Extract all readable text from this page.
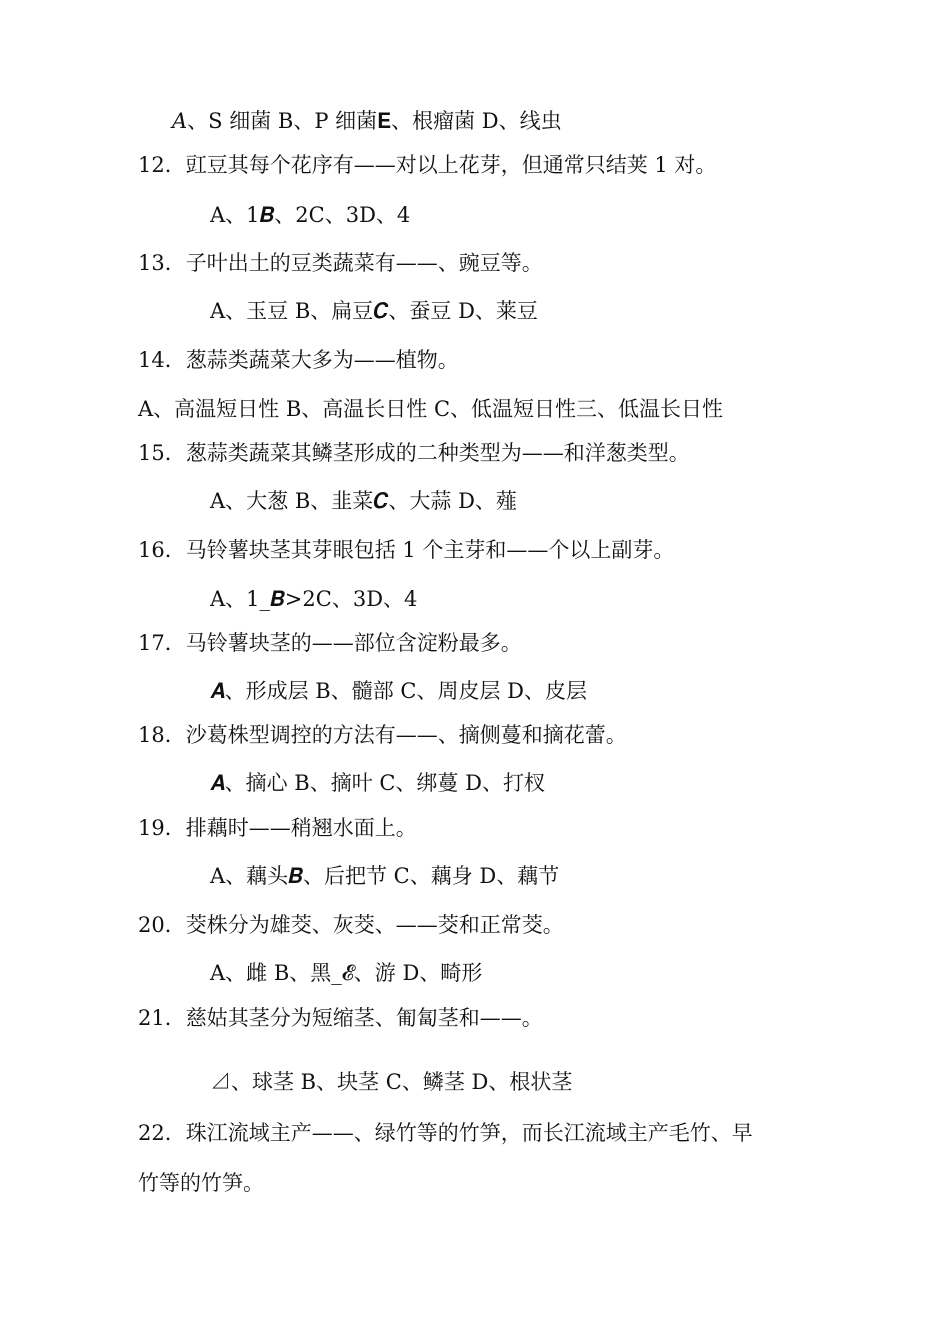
𝐴、S 细菌 B、P 细菌𝐄、根瘤菌 D、线虫
12．豇豆其每个花序有——对以上花芽，但通常只结荚 1 对。
A、1𝑩、2C、3D、4
13．子叶出土的豆类蔬菜有——、豌豆等。
A、玉豆 B、扁豆𝑪、蚕豆 D、莱豆
14．葱蒜类蔬菜大多为——植物。
A、高温短日性 B、高温长日性 C、低温短日性三、低温长日性
15．葱蒜类蔬菜其鳞茎形成的二种类型为——和洋葱类型。
A、大葱 B、韭菜𝑪、大蒜 D、薤
16．马铃薯块茎其芽眼包括 1 个主芽和——个以上副芽。
A、1_𝑩>2C、3D、4
17．马铃薯块茎的——部位含淀粉最多。
𝑨、形成层 B、髓部 C、周皮层 D、皮层
18．沙葛株型调控的方法有——、摘侧蔓和摘花蕾。
𝑨、摘心 B、摘叶 C、绑蔓 D、打杈
19．排藕时——稍翘水面上。
A、藕头𝑩、后把节 C、藕身 D、藕节
20．茭株分为雄茭、灰茭、——茭和正常茭。
A、雌 B、黑_𝓔、游 D、畸形
21．慈姑其茎分为短缩茎、匍匐茎和——。
⊿、球茎 B、块茎 C、鳞茎 D、根状茎
22．珠江流域主产——、绿竹等的竹笋，而长江流域主产毛竹、早
竹等的竹笋。
